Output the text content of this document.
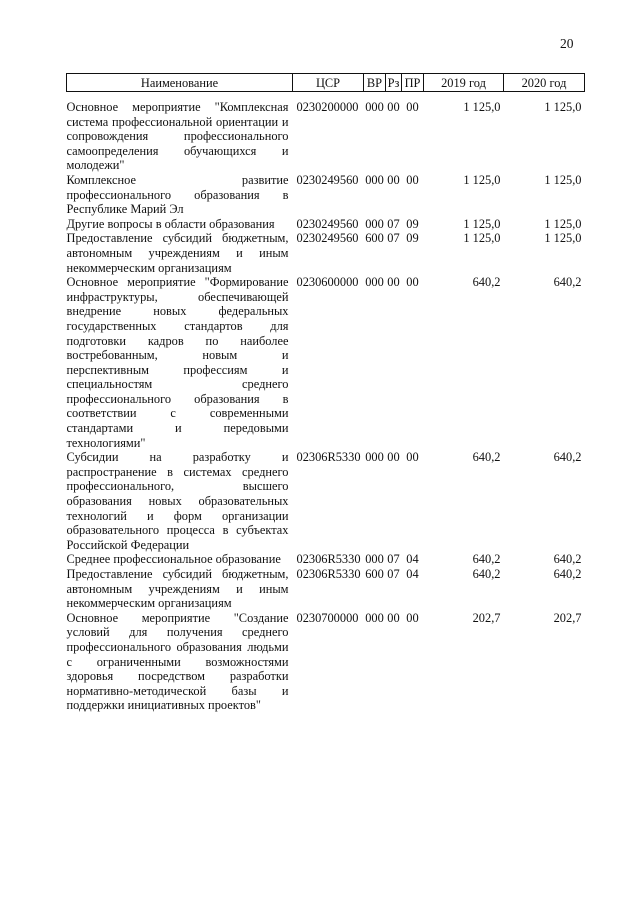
20
Наименование	ЦСР	ВР	Рз	ПР	2019 год	2020 год
Основное мероприятие "Комплексная система профессиональной ориентации и сопровождения профессионального самоопределения обучающихся и молодежи"	0230200000	000	00	00	1 125,0	1 125,0
Комплексное развитие профессионального образования в Республике Марий Эл	0230249560	000	00	00	1 125,0	1 125,0
Другие вопросы в области образования	0230249560	000	07	09	1 125,0	1 125,0
Предоставление субсидий бюджетным, автономным учреждениям и иным некоммерческим организациям	0230249560	600	07	09	1 125,0	1 125,0
Основное мероприятие "Формирование инфраструктуры, обеспечивающей внедрение новых федеральных государственных стандартов для подготовки кадров по наиболее востребованным, новым и перспективным профессиям и специальностям среднего профессионального образования в соответствии с современными стандартами и передовыми технологиями"	0230600000	000	00	00	640,2	640,2
Субсидии на разработку и распространение в системах среднего профессионального, высшего образования новых образовательных технологий и форм организации образовательного процесса в субъектах Российской Федерации	02306R5330	000	00	00	640,2	640,2
Среднее профессиональное образование	02306R5330	000	07	04	640,2	640,2
Предоставление субсидий бюджетным, автономным учреждениям и иным некоммерческим организациям	02306R5330	600	07	04	640,2	640,2
Основное мероприятие "Создание условий для получения среднего профессионального образования людьми с ограниченными возможностями здоровья посредством разработки нормативно-методической базы и поддержки инициативных проектов"	0230700000	000	00	00	202,7	202,7
